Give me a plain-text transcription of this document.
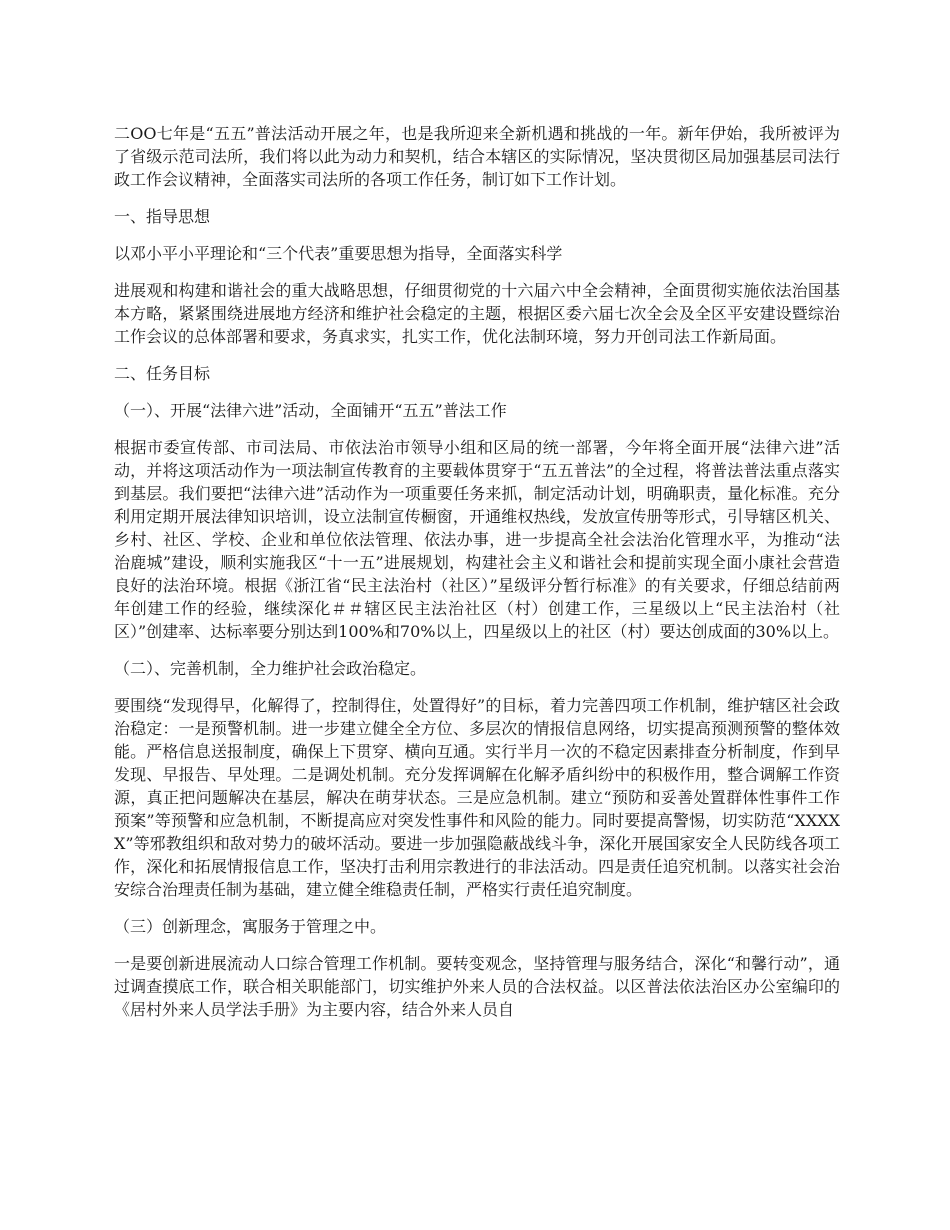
二OO七年是“五五”普法活动开展之年，也是我所迎来全新机遇和挑战的一年。新年伊始，我所被评为了省级示范司法所，我们将以此为动力和契机，结合本辖区的实际情况，坚决贯彻区局加强基层司法行政工作会议精神，全面落实司法所的各项工作任务，制订如下工作计划。

一、指导思想

以邓小平小平理论和“三个代表”重要思想为指导，全面落实科学

进展观和构建和谐社会的重大战略思想，仔细贯彻党的十六届六中全会精神，全面贯彻实施依法治国基本方略，紧紧围绕进展地方经济和维护社会稳定的主题，根据区委六届七次全会及全区平安建设暨综治工作会议的总体部署和要求，务真求实，扎实工作，优化法制环境，努力开创司法工作新局面。

二、任务目标

（一）、开展“法律六进”活动，全面铺开“五五”普法工作

根据市委宣传部、市司法局、市依法治市领导小组和区局的统一部署，今年将全面开展“法律六进”活动，并将这项活动作为一项法制宣传教育的主要载体贯穿于“五五普法”的全过程，将普法普法重点落实到基层。我们要把“法律六进”活动作为一项重要任务来抓，制定活动计划，明确职责，量化标准。充分利用定期开展法律知识培训，设立法制宣传橱窗，开通维权热线，发放宣传册等形式，引导辖区机关、乡村、社区、学校、企业和单位依法管理、依法办事，进一步提高全社会法治化管理水平，为推动“法治鹿城”建设，顺利实施我区“十一五”进展规划，构建社会主义和谐社会和提前实现全面小康社会营造良好的法治环境。根据《浙江省“民主法治村（社区）”星级评分暂行标准》的有关要求，仔细总结前两年创建工作的经验，继续深化＃＃辖区民主法治社区（村）创建工作，三星级以上“民主法治村（社区）”创建率、达标率要分别达到100%和70%以上，四星级以上的社区（村）要达创成面的30%以上。

（二）、完善机制，全力维护社会政治稳定。

要围绕“发现得早，化解得了，控制得住，处置得好”的目标，着力完善四项工作机制，维护辖区社会政治稳定：一是预警机制。进一步建立健全全方位、多层次的情报信息网络，切实提高预测预警的整体效能。严格信息送报制度，确保上下贯穿、横向互通。实行半月一次的不稳定因素排查分析制度，作到早发现、早报告、早处理。二是调处机制。充分发挥调解在化解矛盾纠纷中的积极作用，整合调解工作资源，真正把问题解决在基层，解决在萌芽状态。三是应急机制。建立“预防和妥善处置群体性事件工作预案”等预警和应急机制，不断提高应对突发性事件和风险的能力。同时要提高警惕，切实防范“XXXXX”等邪教组织和敌对势力的破坏活动。要进一步加强隐蔽战线斗争，深化开展国家安全人民防线各项工作，深化和拓展情报信息工作，坚决打击利用宗教进行的非法活动。四是责任追究机制。以落实社会治安综合治理责任制为基础，建立健全维稳责任制，严格实行责任追究制度。

（三）创新理念，寓服务于管理之中。

一是要创新进展流动人口综合管理工作机制。要转变观念，坚持管理与服务结合，深化“和馨行动”，通过调查摸底工作，联合相关职能部门，切实维护外来人员的合法权益。以区普法依法治区办公室编印的《居村外来人员学法手册》为主要内容，结合外来人员自
